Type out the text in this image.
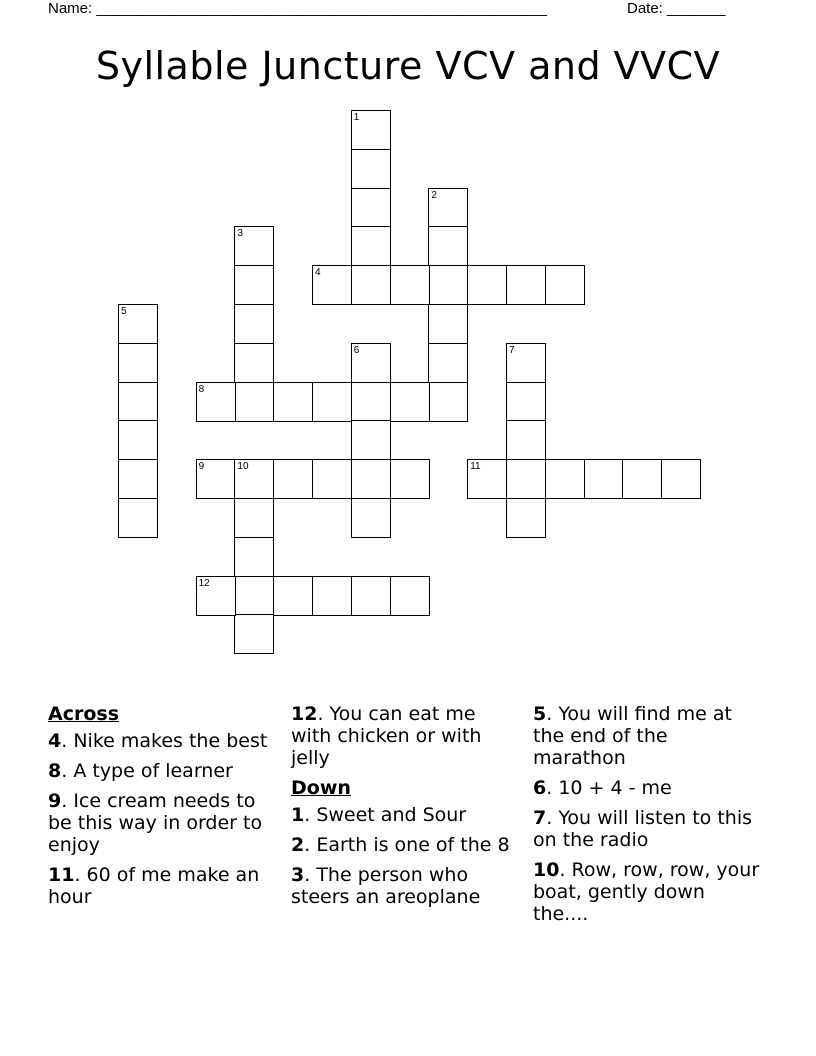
Name: ______________________________________________________	Date: _______
Syllable Juncture VCV and VVCV
1
2
3
4
5
6	7
8
9	10	11
12
Across
4. Nike makes the best
8. A type of learner
9. Ice cream needs to be this way in order to enjoy
11. 60 of me make an hour
12. You can eat me with chicken or with jelly
Down
1. Sweet and Sour
2. Earth is one of the 8
3. The person who steers an areoplane
5. You will find me at the end of the marathon
6. 10 + 4 - me
7. You will listen to this on the radio
10. Row, row, row, your boat, gently down the....
